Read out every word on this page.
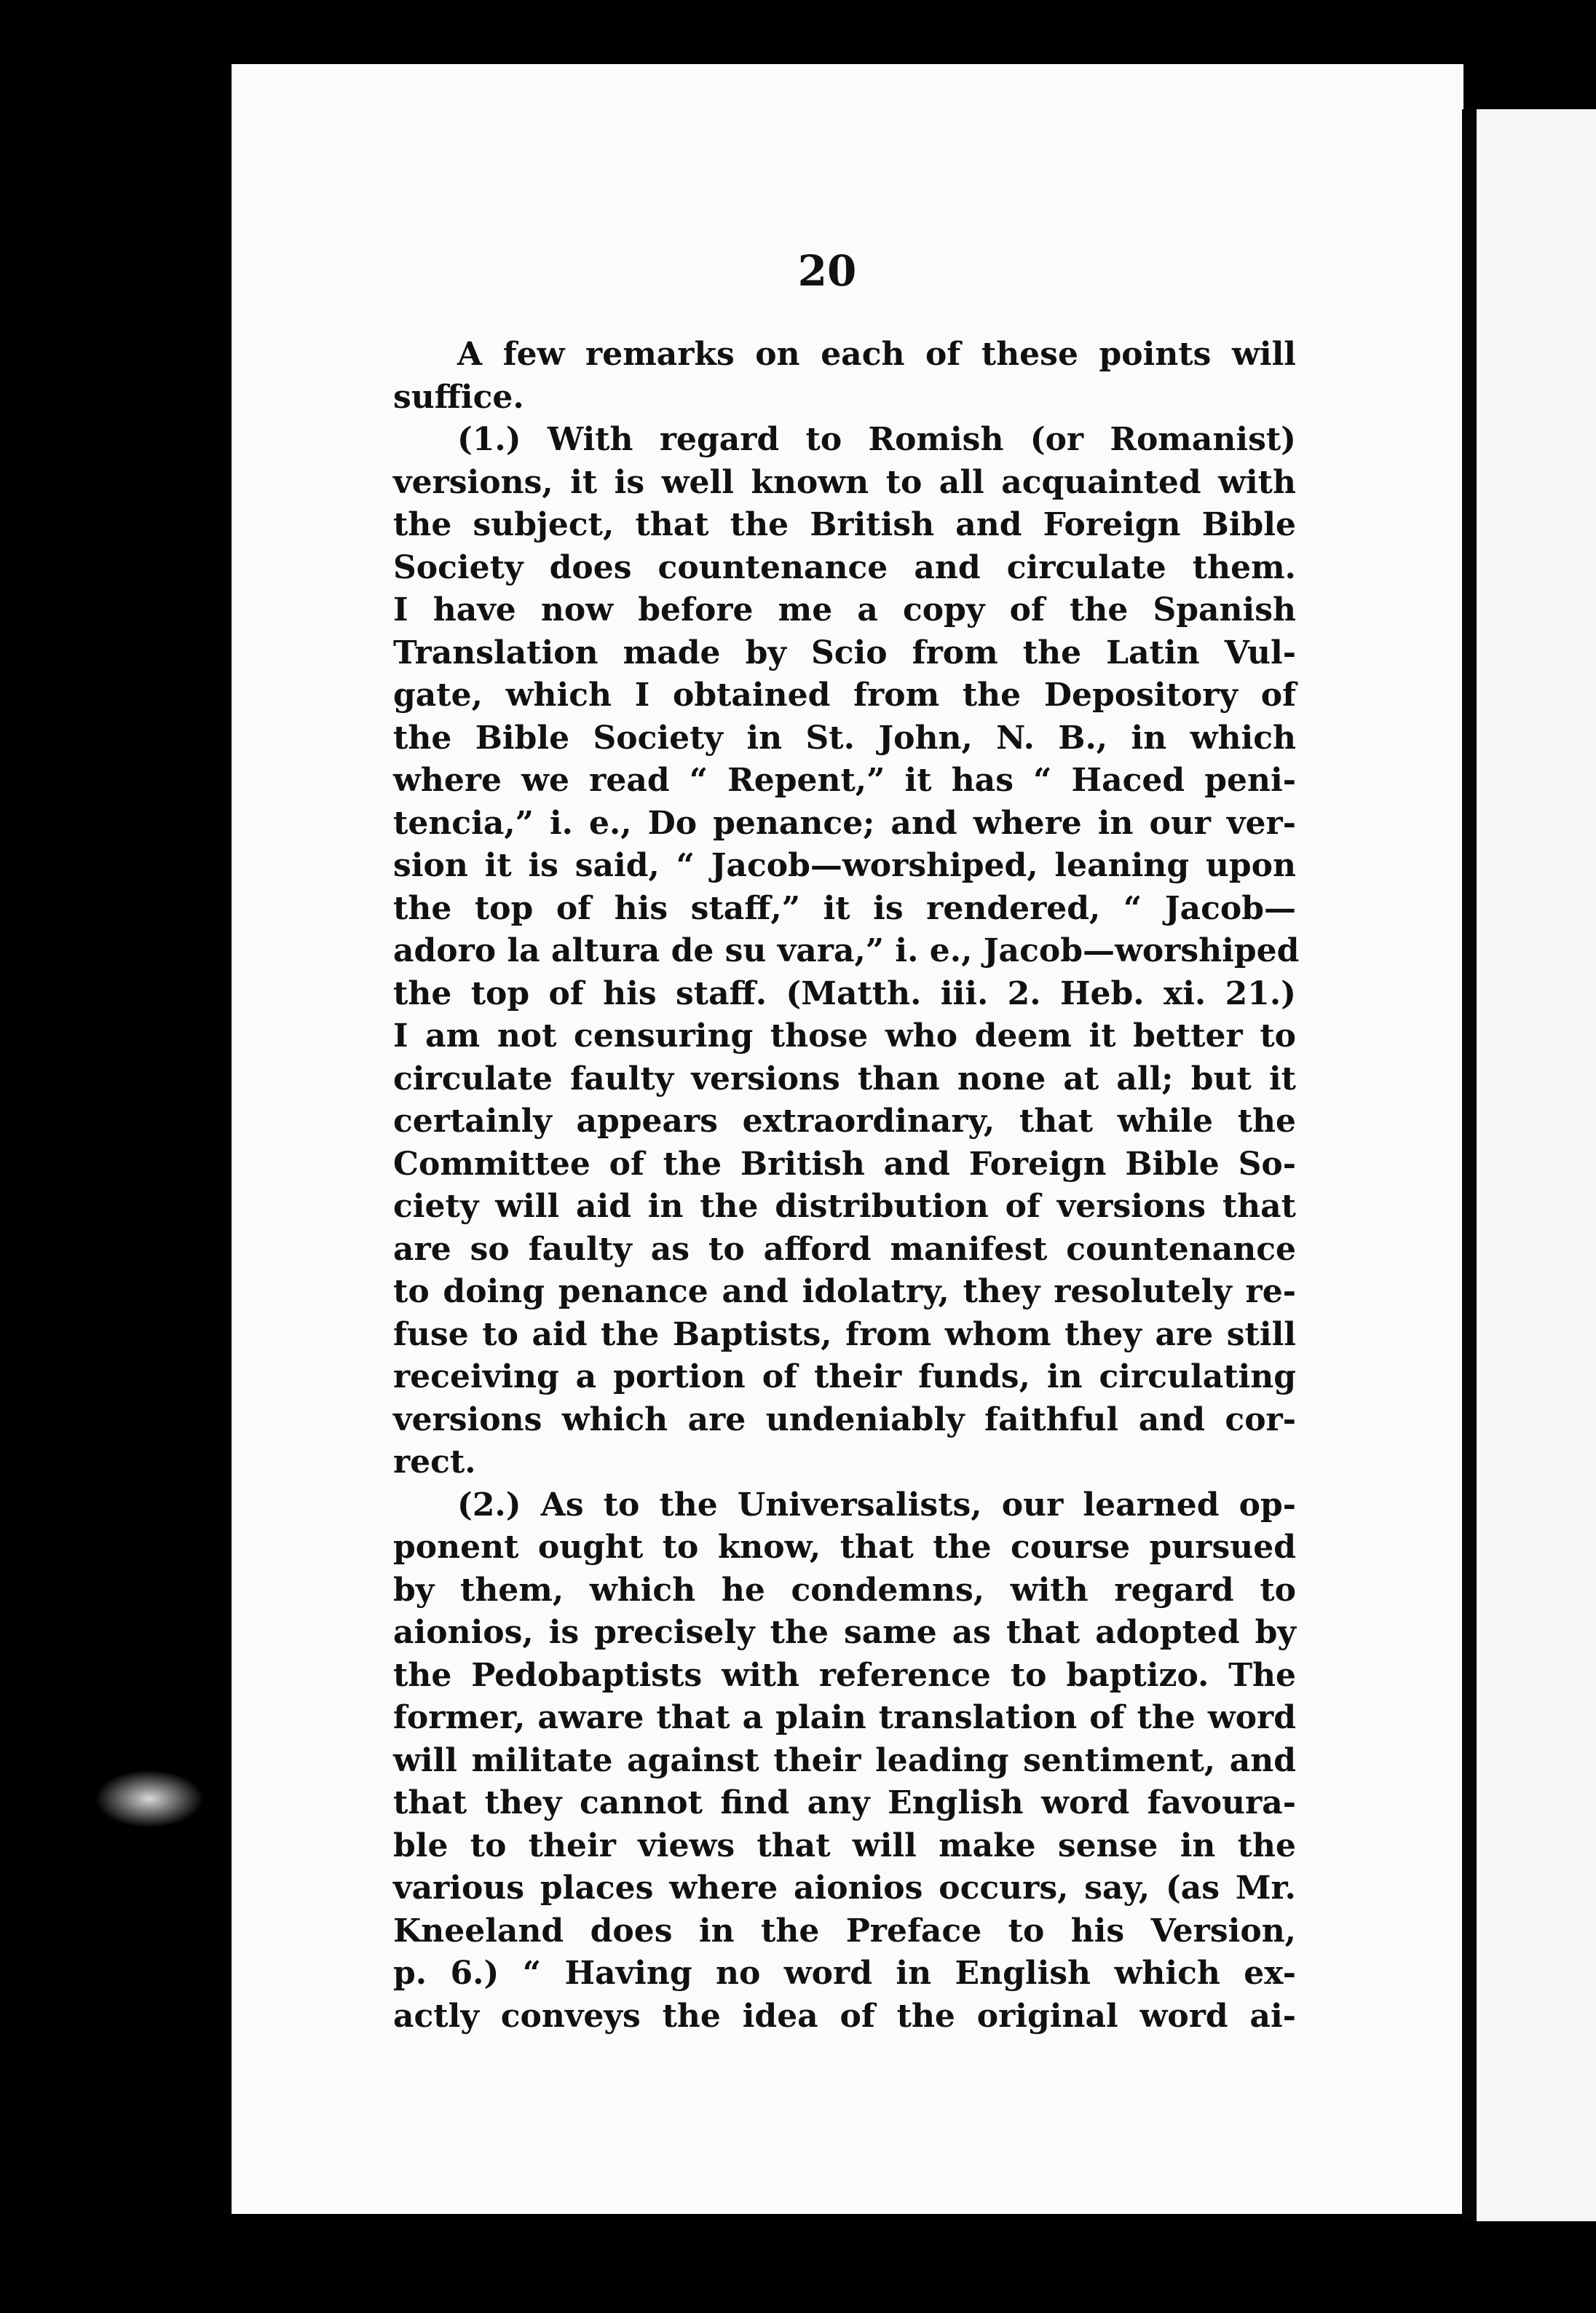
20
A few remarks on each of these points will
suffice.
(1.) With regard to Romish (or Romanist)
versions, it is well known to all acquainted with
the subject, that the British and Foreign Bible
Society does countenance and circulate them.
I have now before me a copy of the Spanish
Translation made by Scio from the Latin Vul-
gate, which I obtained from the Depository of
the Bible Society in St. John, N. B., in which
where we read “ Repent,” it has “ Haced peni-
tencia,” i. e., Do penance; and where in our ver-
sion it is said, “ Jacob—worshiped, leaning upon
the top of his staff,” it is rendered, “ Jacob—
adoro la altura de su vara,” i. e., Jacob—worshiped
the top of his staff. (Matth. iii. 2. Heb. xi. 21.)
I am not censuring those who deem it better to
circulate faulty versions than none at all; but it
certainly appears extraordinary, that while the
Committee of the British and Foreign Bible So-
ciety will aid in the distribution of versions that
are so faulty as to afford manifest countenance
to doing penance and idolatry, they resolutely re-
fuse to aid the Baptists, from whom they are still
receiving a portion of their funds, in circulating
versions which are undeniably faithful and cor-
rect.
(2.) As to the Universalists, our learned op-
ponent ought to know, that the course pursued
by them, which he condemns, with regard to
aionios, is precisely the same as that adopted by
the Pedobaptists with reference to baptizo. The
former, aware that a plain translation of the word
will militate against their leading sentiment, and
that they cannot find any English word favoura-
ble to their views that will make sense in the
various places where aionios occurs, say, (as Mr.
Kneeland does in the Preface to his Version,
p. 6.) “ Having no word in English which ex-
actly conveys the idea of the original word ai-
